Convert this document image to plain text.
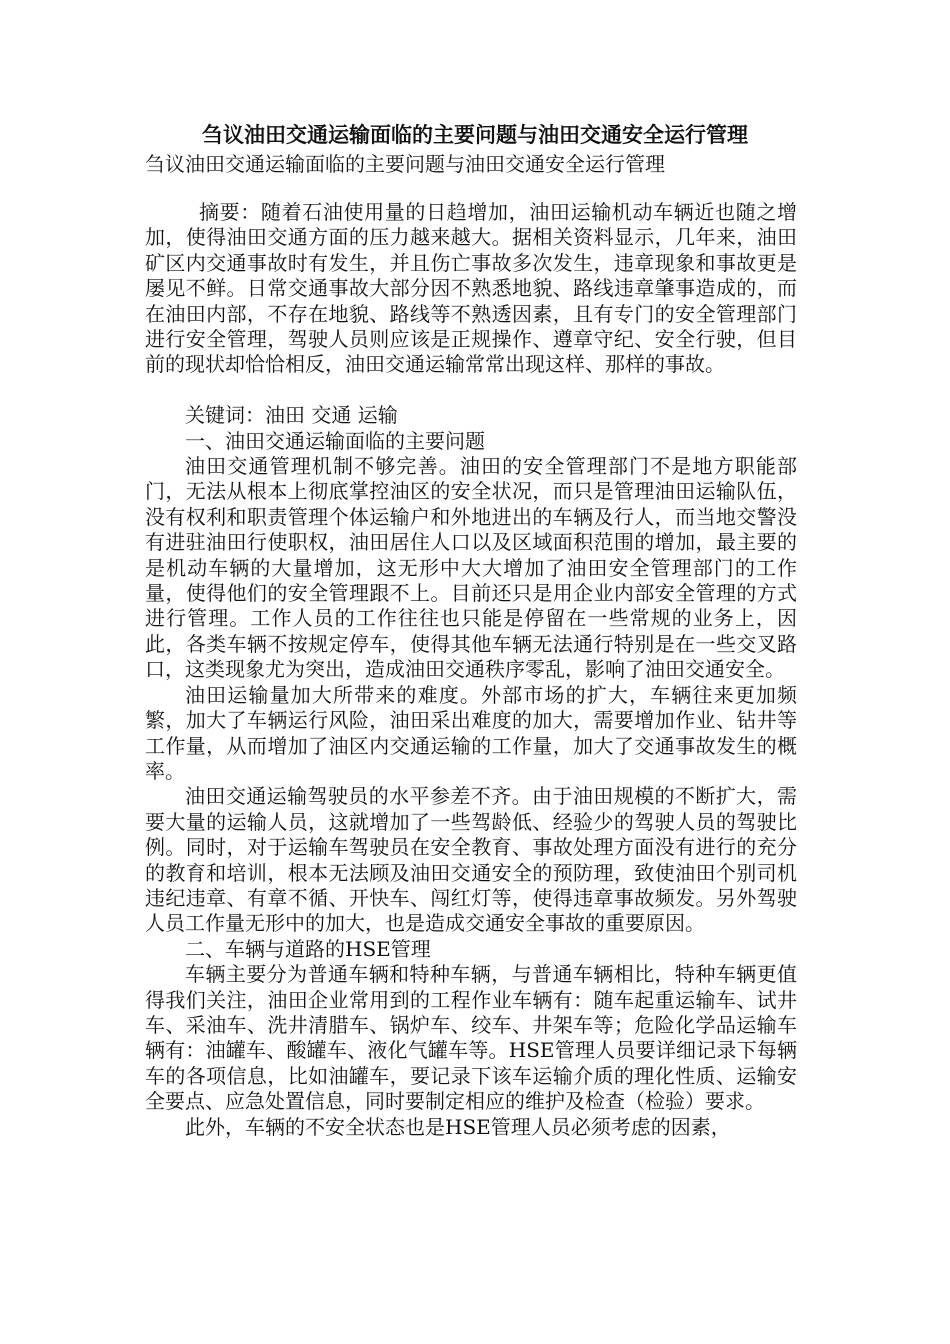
刍议油田交通运输面临的主要问题与油田交通安全运行管理
刍议油田交通运输面临的主要问题与油田交通安全运行管理

摘要：随着石油使用量的日趋增加，油田运输机动车辆近也随之增加，使得油田交通方面的压力越来越大。据相关资料显示，几年来，油田矿区内交通事故时有发生，并且伤亡事故多次发生，违章现象和事故更是屡见不鲜。日常交通事故大部分因不熟悉地貌、路线违章肇事造成的，而在油田内部，不存在地貌、路线等不熟透因素，且有专门的安全管理部门进行安全管理，驾驶人员则应该是正规操作、遵章守纪、安全行驶，但目前的现状却恰恰相反，油田交通运输常常出现这样、那样的事故。

关键词：油田 交通 运输

一、油田交通运输面临的主要问题

油田交通管理机制不够完善。油田的安全管理部门不是地方职能部门，无法从根本上彻底掌控油区的安全状况，而只是管理油田运输队伍，没有权利和职责管理个体运输户和外地进出的车辆及行人，而当地交警没有进驻油田行使职权，油田居住人口以及区域面积范围的增加，最主要的是机动车辆的大量增加，这无形中大大增加了油田安全管理部门的工作量，使得他们的安全管理跟不上。目前还只是用企业内部安全管理的方式进行管理。工作人员的工作往往也只能是停留在一些常规的业务上，因此，各类车辆不按规定停车，使得其他车辆无法通行特别是在一些交叉路口，这类现象尤为突出，造成油田交通秩序零乱，影响了油田交通安全。

油田运输量加大所带来的难度。外部市场的扩大，车辆往来更加频繁，加大了车辆运行风险，油田采出难度的加大，需要增加作业、钻井等工作量，从而增加了油区内交通运输的工作量，加大了交通事故发生的概率。

油田交通运输驾驶员的水平参差不齐。由于油田规模的不断扩大，需要大量的运输人员，这就增加了一些驾龄低、经验少的驾驶人员的驾驶比例。同时，对于运输车驾驶员在安全教育、事故处理方面没有进行的充分的教育和培训，根本无法顾及油田交通安全的预防理，致使油田个别司机违纪违章、有章不循、开快车、闯红灯等，使得违章事故频发。另外驾驶人员工作量无形中的加大，也是造成交通安全事故的重要原因。

二、车辆与道路的HSE管理

车辆主要分为普通车辆和特种车辆，与普通车辆相比，特种车辆更值得我们关注，油田企业常用到的工程作业车辆有：随车起重运输车、试井车、采油车、洗井清腊车、锅炉车、绞车、井架车等；危险化学品运输车辆有：油罐车、酸罐车、液化气罐车等。HSE管理人员要详细记录下每辆车的各项信息，比如油罐车，要记录下该车运输介质的理化性质、运输安全要点、应急处置信息，同时要制定相应的维护及检查（检验）要求。

此外，车辆的不安全状态也是HSE管理人员必须考虑的因素，
